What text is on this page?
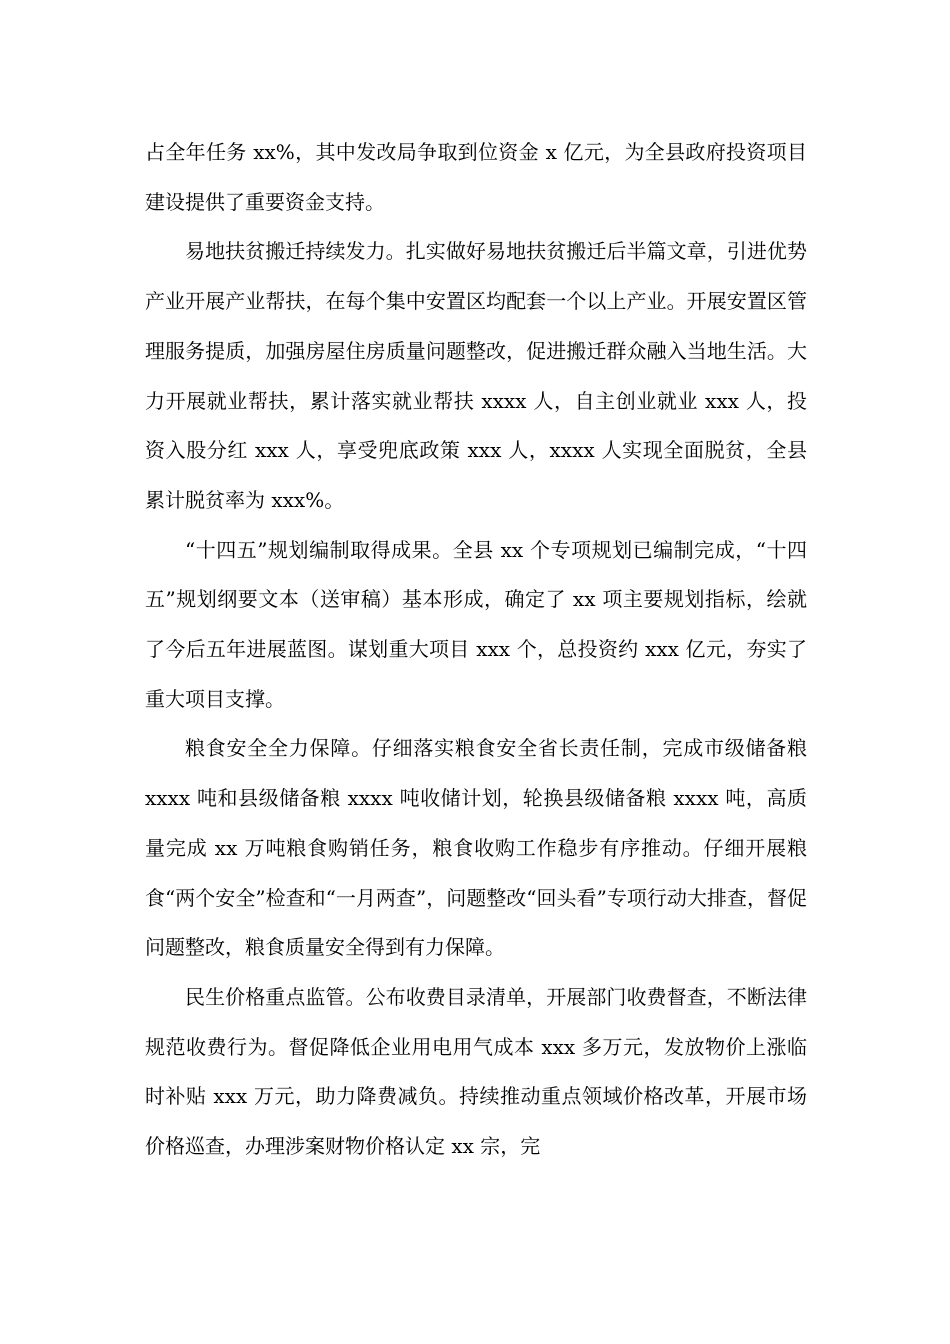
占全年任务 xx%，其中发改局争取到位资金 x 亿元，为全县政府投资项目建设提供了重要资金支持。

易地扶贫搬迁持续发力。扎实做好易地扶贫搬迁后半篇文章，引进优势产业开展产业帮扶，在每个集中安置区均配套一个以上产业。开展安置区管理服务提质，加强房屋住房质量问题整改，促进搬迁群众融入当地生活。大力开展就业帮扶，累计落实就业帮扶 xxxx 人，自主创业就业 xxx 人，投资入股分红 xxx 人，享受兜底政策 xxx 人，xxxx 人实现全面脱贫，全县累计脱贫率为 xxx%。

“十四五”规划编制取得成果。全县 xx 个专项规划已编制完成，“十四五”规划纲要文本（送审稿）基本形成，确定了 xx 项主要规划指标，绘就了今后五年进展蓝图。谋划重大项目 xxx 个，总投资约 xxx 亿元，夯实了重大项目支撑。

粮食安全全力保障。仔细落实粮食安全省长责任制，完成市级储备粮 xxxx 吨和县级储备粮 xxxx 吨收储计划，轮换县级储备粮 xxxx 吨，高质量完成 xx 万吨粮食购销任务，粮食收购工作稳步有序推动。仔细开展粮食“两个安全”检查和“一月两查”，问题整改“回头看”专项行动大排查，督促问题整改，粮食质量安全得到有力保障。

民生价格重点监管。公布收费目录清单，开展部门收费督查，不断法律规范收费行为。督促降低企业用电用气成本 xxx 多万元，发放物价上涨临时补贴 xxx 万元，助力降费减负。持续推动重点领域价格改革，开展市场价格巡查，办理涉案财物价格认定 xx 宗，完
